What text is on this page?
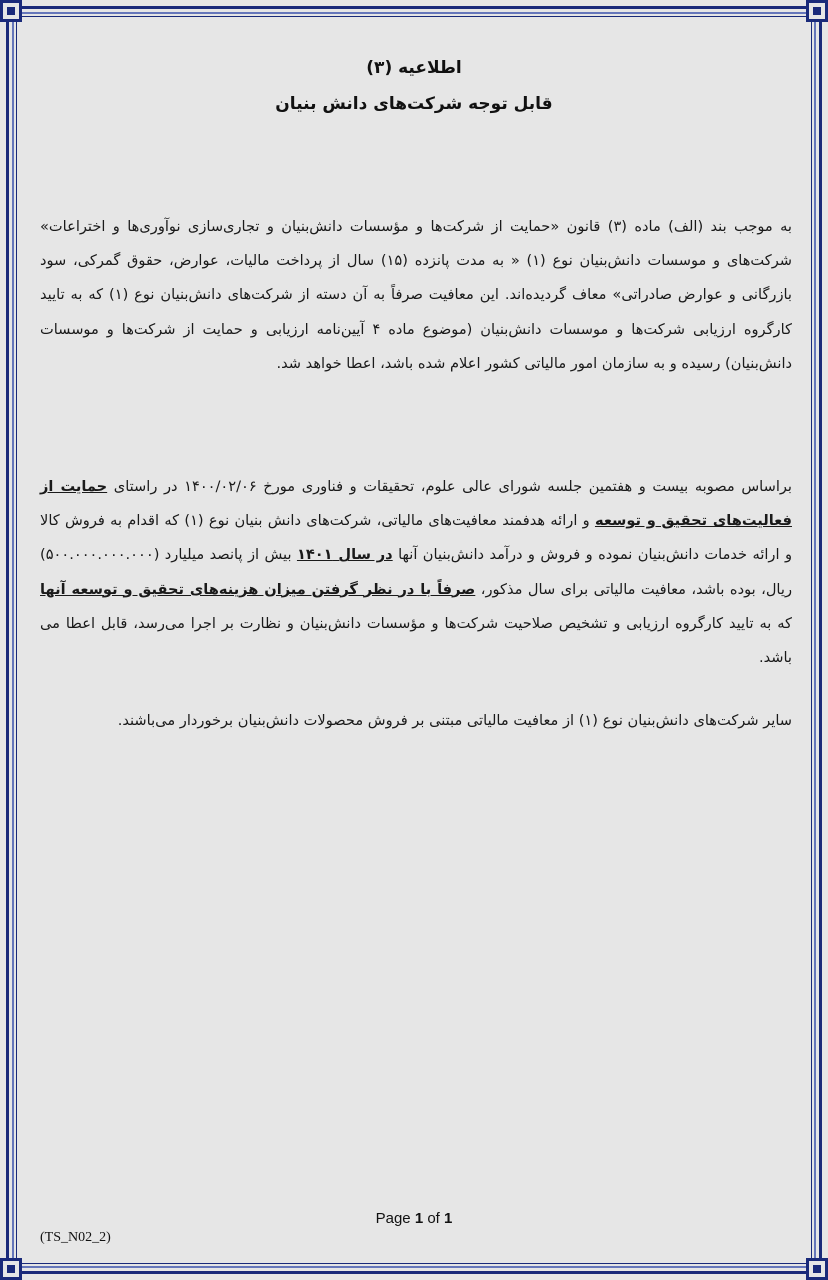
اطلاعیه (۳)
قابل توجه شرکت‌های دانش بنیان
به موجب بند (الف) ماده (۳) قانون «حمایت از شرکت‌ها و مؤسسات دانش‌بنیان و تجاری‌سازی نوآوری‌ها و اختراعات» شرکت‌های و موسسات دانش‌بنیان نوع (۱) « به مدت پانزده (۱۵) سال از پرداخت مالیات، عوارض، حقوق گمرکی، سود بازرگانی و عوارض صادراتی» معاف گردیده‌اند. این معافیت صرفاً به آن دسته از شرکت‌های دانش‌بنیان نوع (۱) که به تایید کارگروه ارزیابی شرکت‌ها و موسسات دانش‌بنیان (موضوع ماده ۴ آیین‌نامه ارزیابی و حمایت از شرکت‌ها و موسسات دانش‌بنیان) رسیده و به سازمان امور مالیاتی کشور اعلام شده باشد، اعطا خواهد شد.
براساس مصوبه بیست و هفتمین جلسه شورای عالی علوم، تحقیقات و فناوری مورخ ۱۴۰۰/۰۲/۰۶ در راستای حمایت از فعالیت‌های تحقیق و توسعه و ارائه هدفمند معافیت‌های مالیاتی، شرکت‌های دانش بنیان نوع (۱) که اقدام به فروش کالا و ارائه خدمات دانش‌بنیان نموده و فروش و درآمد دانش‌بنیان آنها در سال ۱۴۰۱ بیش از پانصد میلیارد (۵۰۰.۰۰۰.۰۰۰.۰۰۰) ریال، بوده باشد، معافیت مالیاتی برای سال مذکور، صرفاً با در نظر گرفتن میزان هزینه‌های تحقیق و توسعه آنها که به تایید کارگروه ارزیابی و تشخیص صلاحیت شرکت‌ها و مؤسسات دانش‌بنیان و نظارت بر اجرا می‌رسد، قابل اعطا می باشد.
سایر شرکت‌های دانش‌بنیان نوع (۱) از معافیت مالیاتی مبتنی بر فروش محصولات دانش‌بنیان برخوردار می‌باشند.
Page 1 of 1
(TS_N02_2)
